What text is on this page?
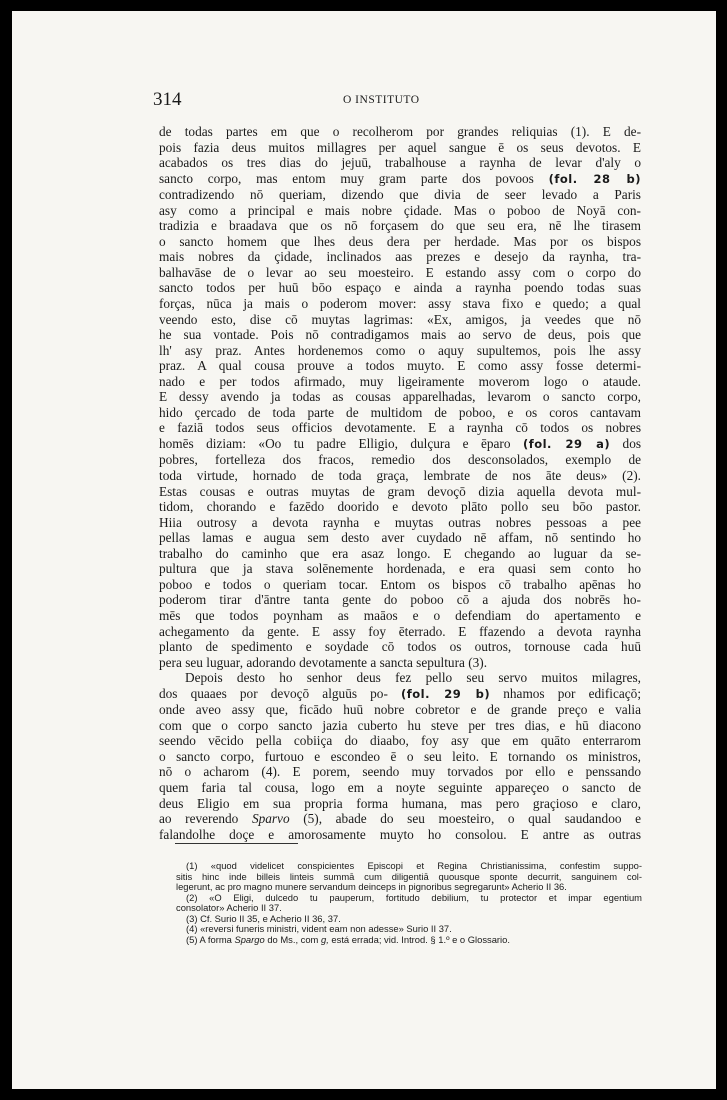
314	O INSTITUTO

de todas partes em que o recolherom por grandes reliquias (1). E de-
pois fazia deus muitos millagres per aquel sangue ē os seus devotos. E
acabados os tres dias do jejuū, trabalhouse a raynha de levar d'aly o
sancto corpo, mas entom muy gram parte dos povoos (fol. 28 b)
contradizendo nō queriam, dizendo que divia de seer levado a Paris
asy como a principal e mais nobre çidade. Mas o poboo de Noyā con-
tradizia e braadava que os nō forçasem do que seu era, nē lhe tirasem
o sancto homem que lhes deus dera per herdade. Mas por os bispos
mais nobres da çidade, inclinados aas prezes e desejo da raynha, tra-
balhavāse de o levar ao seu moesteiro. E estando assy com o corpo do
sancto todos per huū bōo espaço e ainda a raynha poendo todas suas
forças, nūca ja mais o poderom mover: assy stava fixo e quedo; a qual
veendo esto, dise cō muytas lagrimas: «Ex, amigos, ja veedes que nō
he sua vontade. Pois nō contradigamos mais ao servo de deus, pois que
lh' asy praz. Antes hordenemos como o aquy supultemos, pois lhe assy
praz. A qual cousa prouve a todos muyto. E como assy fosse determi-
nado e per todos afirmado, muy ligeiramente moverom logo o ataude.
E dessy avendo ja todas as cousas apparelhadas, levarom o sancto corpo,
hido çercado de toda parte de multidom de poboo, e os coros cantavam
e faziā todos seus officios devotamente. E a raynha cō todos os nobres
homēs diziam: «Oo tu padre Elligio, dulçura e ēparo (fol. 29 a) dos
pobres, fortelleza dos fracos, remedio dos desconsolados, exemplo de
toda virtude, hornado de toda graça, lembrate de nos āte deus» (2).
Estas cousas e outras muytas de gram devoçō dizia aquella devota mul-
tidom, chorando e fazēdo doorido e devoto plāto pollo seu bōo pastor.
Hiia outrosy a devota raynha e muytas outras nobres pessoas a pee
pellas lamas e augua sem desto aver cuydado nē affam, nō sentindo ho
trabalho do caminho que era asaz longo. E chegando ao luguar da se-
pultura que ja stava solēnemente hordenada, e era quasi sem conto ho
poboo e todos o queriam tocar. Entom os bispos cō trabalho apēnas ho
poderom tirar d'āntre tanta gente do poboo cō a ajuda dos nobrēs ho-
mēs que todos poynham as maāos e o defendiam do apertamento e
achegamento da gente. E assy foy ēterrado. E ffazendo a devota raynha
planto de spedimento e soydade cō todos os outros, tornouse cada huū
pera seu luguar, adorando devotamente a sancta sepultura (3).

Depois desto ho senhor deus fez pello seu servo muitos milagres,
dos quaaes por devoçō alguūs po- (fol. 29 b) nhamos por edificaçō;
onde aveo assy que, ficādo huū nobre cobretor e de grande preço e valia
com que o corpo sancto jazia cuberto hu steve per tres dias, e hū diacono
seendo vēcido pella cobiiça do diaabo, foy asy que em quāto enterrarom
o sancto corpo, furtouo e escondeo ē o seu leito. E tornando os ministros,
nō o acharom (4). E porem, seendo muy torvados por ello e penssando
quem faria tal cousa, logo em a noyte seguinte appareçeo o sancto de
deus Eligio em sua propria forma humana, mas pero graçioso e claro,
ao reverendo Sparvo (5), abade do seu moesteiro, o qual saudandoo e
falandolhe doçe e amorosamente muyto ho consolou. E antre as outras

(1) «quod videlicet conspicientes Episcopi et Regina Christianissima, confestim suppo-
sitis hinc inde billeis linteis summā cum diligentiā quousque sponte decurrit, sanguinem col-
legerunt, ac pro magno munere servandum deinceps in pignoribus segregarunt» Acherio II 36.
(2) «O Eligi, dulcedo tu pauperum, fortitudo debilium, tu protector et impar egentium
consolator» Acherio II 37.
(3) Cf. Surio II 35, e Acherio II 36, 37.
(4) «reversi funeris ministri, vident eam non adesse» Surio II 37.
(5) A forma Spargo do Ms., com g, está errada; vid. Introd. § 1.º e o Glossario.
